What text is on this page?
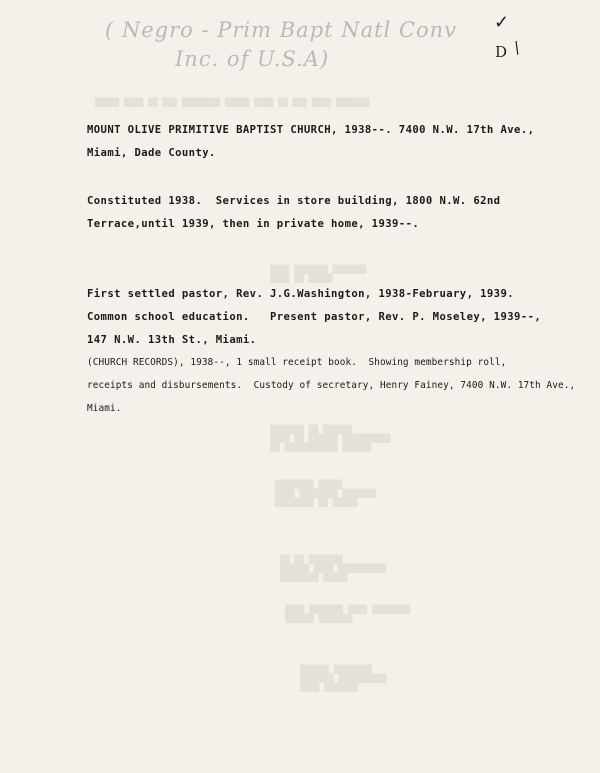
( Negro - Prim Bapt Natl Conv
Inc. of U.S.A)
✓
D /
MOUNT OLIVE PRIMITIVE BAPTIST CHURCH, 1938--. 7400 N.W. 17th Ave.,
Miami, Dade County.
Constituted 1938.  Services in store building, 1800 N.W. 62nd
Terrace,until 1939, then in private home, 1939--.
First settled pastor, Rev. J.G.Washington, 1938-February, 1939.
Common school education.   Present pastor, Rev. P. Moseley, 1939--,
147 N.W. 13th St., Miami.
(CHURCH RECORDS), 1938--, 1 small receipt book.  Showing membership roll,
receipts and disbursements.  Custody of secretary, Henry Fainey, 7400 N.W. 17th Ave.,
Miami.
█████ ████ ██ ███ ████████ █████ ████ ██ ███ ████ ███████
████ ███████ ███████
████ ██ █████
███████ ██ ██████
████ ██ ██████ ██████████
██ ███████████ ██████
████████ █████
████ ████████ ███████
████████ ██ █████
██ ██ ███████
██████ ████ ██████████
████████ █████
████ ███████ ████ ████████
██████ ███████
██████ ████████
███████ ██████████
████ ███████
